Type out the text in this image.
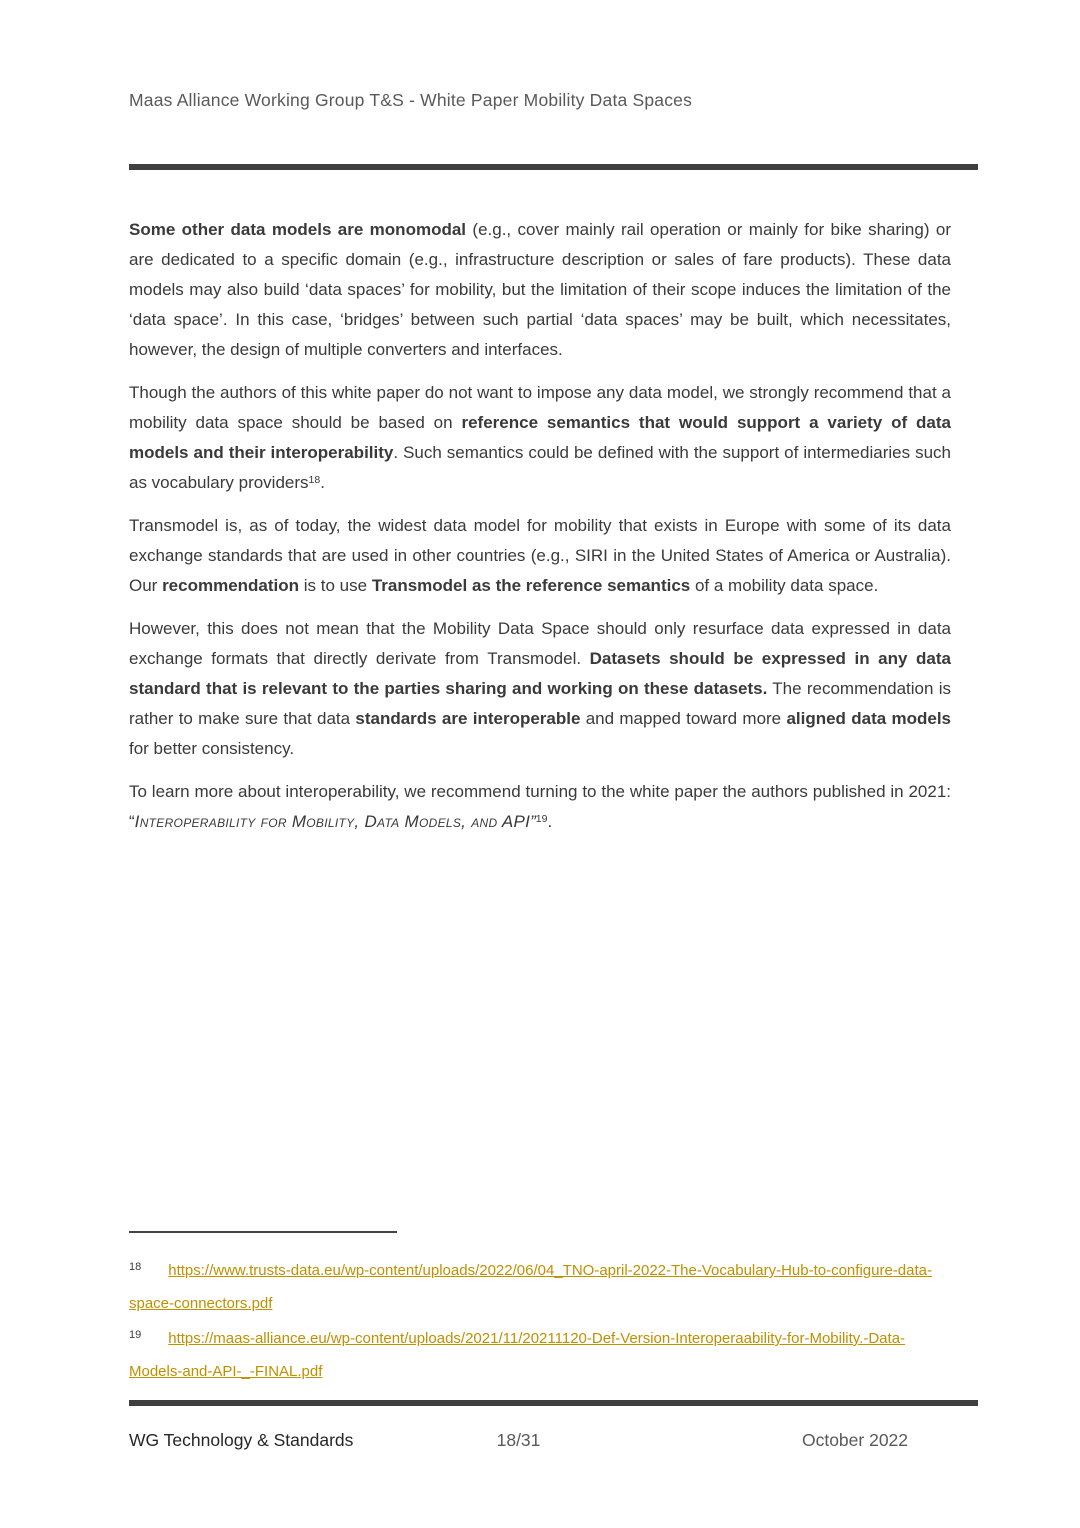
Maas Alliance Working Group T&S - White Paper Mobility Data Spaces

Some other data models are monomodal (e.g., cover mainly rail operation or mainly for bike sharing) or are dedicated to a specific domain (e.g., infrastructure description or sales of fare products). These data models may also build ‘data spaces’ for mobility, but the limitation of their scope induces the limitation of the ‘data space’. In this case, ‘bridges’ between such partial ‘data spaces’ may be built, which necessitates, however, the design of multiple converters and interfaces.

Though the authors of this white paper do not want to impose any data model, we strongly recommend that a mobility data space should be based on reference semantics that would support a variety of data models and their interoperability. Such semantics could be defined with the support of intermediaries such as vocabulary providers$^{18}$.

Transmodel is, as of today, the widest data model for mobility that exists in Europe with some of its data exchange standards that are used in other countries (e.g., SIRI in the United States of America or Australia). Our recommendation is to use Transmodel as the reference semantics of a mobility data space.

However, this does not mean that the Mobility Data Space should only resurface data expressed in data exchange formats that directly derivate from Transmodel. Datasets should be expressed in any data standard that is relevant to the parties sharing and working on these datasets. The recommendation is rather to make sure that data standards are interoperable and mapped toward more aligned data models for better consistency.

To learn more about interoperability, we recommend turning to the white paper the authors published in 2021: “Interoperability for Mobility, Data Models, and API”$^{19}$.

$^{18}$ https://www.trusts-data.eu/wp-content/uploads/2022/06/04_TNO-april-2022-The-Vocabulary-Hub-to-configure-data-space-connectors.pdf
$^{19}$ https://maas-alliance.eu/wp-content/uploads/2021/11/20211120-Def-Version-Interoperaability-for-Mobility.-Data-Models-and-API-_-FINAL.pdf
WG Technology & Standards	18/31	October 2022
